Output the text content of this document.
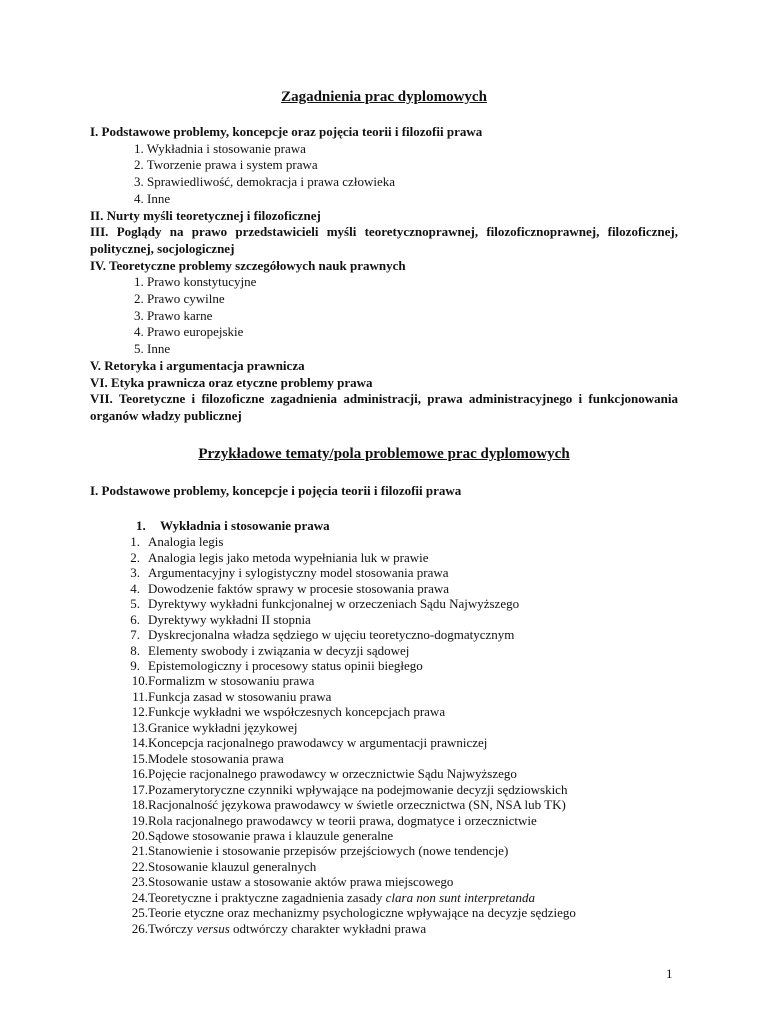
Zagadnienia prac dyplomowych
I. Podstawowe problemy, koncepcje oraz pojęcia teorii i filozofii prawa
1. Wykładnia i stosowanie prawa
2. Tworzenie prawa i system prawa
3. Sprawiedliwość, demokracja i prawa człowieka
4. Inne
II. Nurty myśli teoretycznej i filozoficznej
III. Poglądy na prawo przedstawicieli myśli teoretycznoprawnej, filozoficznoprawnej, filozoficznej, politycznej, socjologicznej
IV. Teoretyczne problemy szczegółowych nauk prawnych
1. Prawo konstytucyjne
2. Prawo cywilne
3. Prawo karne
4. Prawo europejskie
5. Inne
V. Retoryka i argumentacja prawnicza
VI. Etyka prawnicza oraz etyczne problemy prawa
VII. Teoretyczne i filozoficzne zagadnienia administracji, prawa administracyjnego i funkcjonowania organów władzy publicznej
Przykładowe tematy/pola problemowe prac dyplomowych
I. Podstawowe problemy, koncepcje i pojęcia teorii i filozofii prawa
1. Wykładnia i stosowanie prawa
1. Analogia legis
2. Analogia legis jako metoda wypełniania luk w prawie
3. Argumentacyjny i sylogistyczny model stosowania prawa
4. Dowodzenie faktów sprawy w procesie stosowania prawa
5. Dyrektywy wykładni funkcjonalnej w orzeczeniach Sądu Najwyższego
6. Dyrektywy wykładni II stopnia
7. Dyskrecjonalna władza sędziego w ujęciu teoretyczno-dogmatycznym
8. Elementy swobody i związania w decyzji sądowej
9. Epistemologiczny i procesowy status opinii biegłego
10.Formalizm w stosowaniu prawa
11.Funkcja zasad w stosowaniu prawa
12.Funkcje wykładni we współczesnych koncepcjach prawa
13.Granice wykładni językowej
14.Koncepcja racjonalnego prawodawcy w argumentacji prawniczej
15.Modele stosowania prawa
16.Pojęcie racjonalnego prawodawcy w orzecznictwie Sądu Najwyższego
17.Pozamerytoryczne czynniki wpływające na podejmowanie decyzji sędziowskich
18.Racjonalność językowa prawodawcy w świetle orzecznictwa (SN, NSA lub TK)
19.Rola racjonalnego prawodawcy w teorii prawa, dogmatyce i orzecznictwie
20.Sądowe stosowanie prawa i klauzule generalne
21.Stanowienie i stosowanie przepisów przejściowych (nowe tendencje)
22.Stosowanie klauzul generalnych
23.Stosowanie ustaw a stosowanie aktów prawa miejscowego
24.Teoretyczne i praktyczne zagadnienia zasady clara non sunt interpretanda
25.Teorie etyczne oraz mechanizmy psychologiczne wpływające na decyzje sędziego
26.Twórczy versus odtwórczy charakter wykładni prawa
1
